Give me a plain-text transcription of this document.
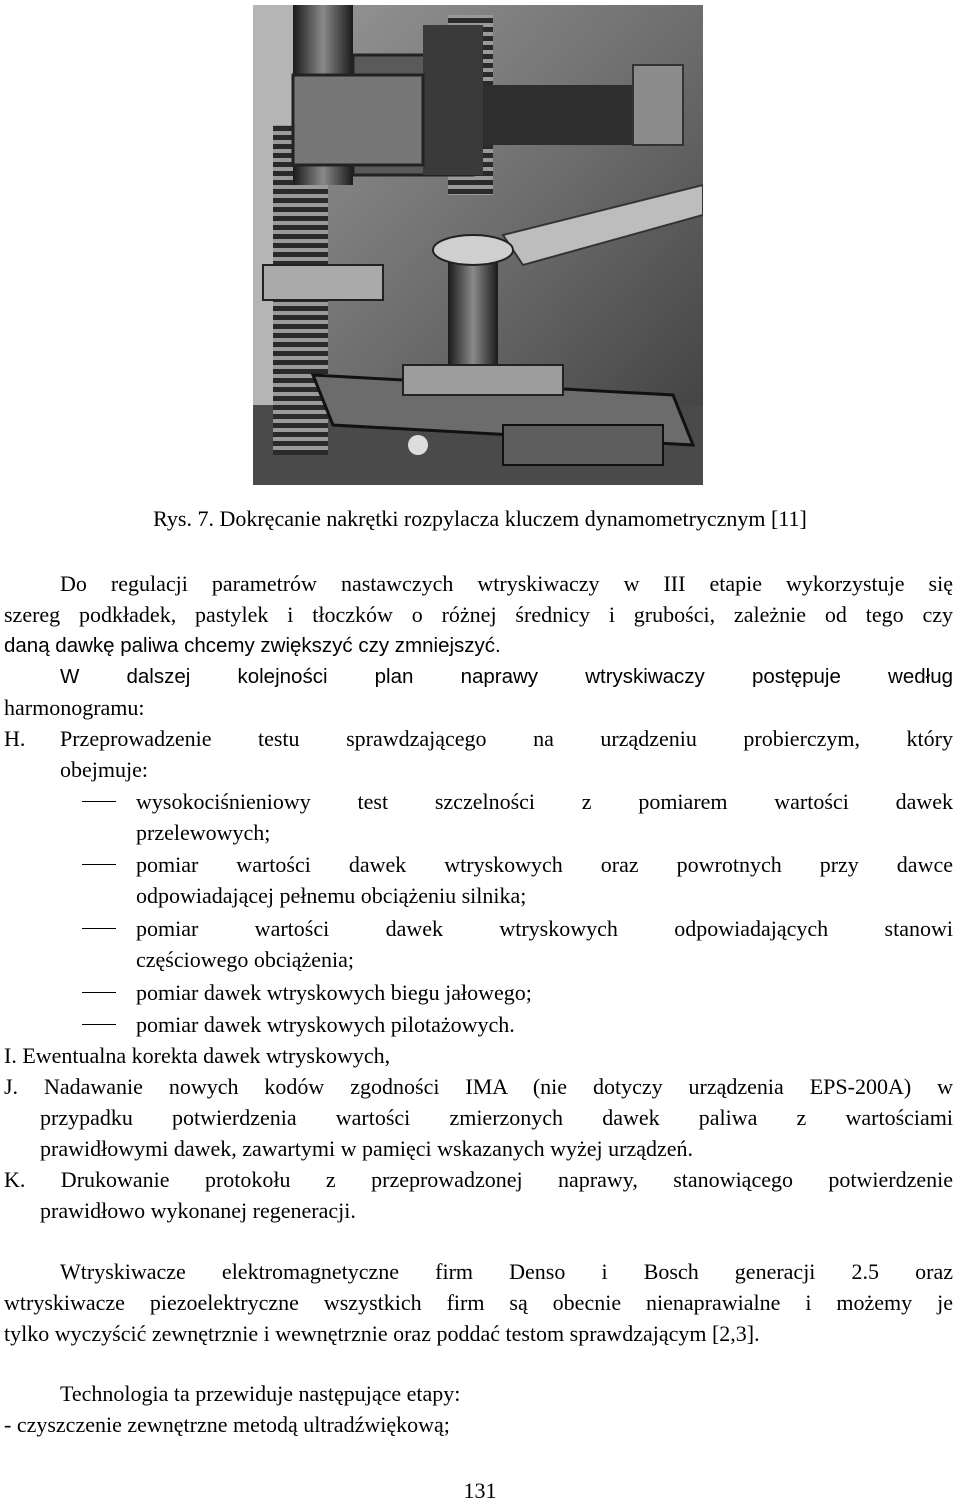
Rys. 7. Dokręcanie nakrętki rozpylacza kluczem dynamometrycznym [11]
Do regulacji parametrów nastawczych wtryskiwaczy w III etapie wykorzystuje się
szereg podkładek, pastylek i tłoczków o różnej średnicy i grubości, zależnie od tego czy
daną dawkę paliwa chcemy zwiększyć czy zmniejszyć.
W dalszej kolejności plan naprawy wtryskiwaczy postępuje według
harmonogramu:
H. Przeprowadzenie testu sprawdzającego na urządzeniu probierczym, który
obejmuje:
wysokociśnieniowy test szczelności z pomiarem wartości dawek
przelewowych;
pomiar wartości dawek wtryskowych oraz powrotnych przy dawce
odpowiadającej pełnemu obciążeniu silnika;
pomiar wartości dawek wtryskowych odpowiadających stanowi
częściowego obciążenia;
pomiar dawek wtryskowych biegu jałowego;
pomiar dawek wtryskowych pilotażowych.
I. Ewentualna korekta dawek wtryskowych,
J. Nadawanie nowych kodów zgodności IMA (nie dotyczy urządzenia EPS-200A) w
przypadku potwierdzenia wartości zmierzonych dawek paliwa z wartościami
prawidłowymi dawek, zawartymi w pamięci wskazanych wyżej urządzeń.
K. Drukowanie protokołu z przeprowadzonej naprawy, stanowiącego potwierdzenie
prawidłowo wykonanej regeneracji.
Wtryskiwacze elektromagnetyczne firm Denso i Bosch generacji 2.5 oraz
wtryskiwacze piezoelektryczne wszystkich firm są obecnie nienaprawialne i możemy je
tylko wyczyścić zewnętrznie i wewnętrznie oraz poddać testom sprawdzającym [2,3].
Technologia ta przewiduje następujące etapy:
- czyszczenie zewnętrzne metodą ultradźwiękową;
131
